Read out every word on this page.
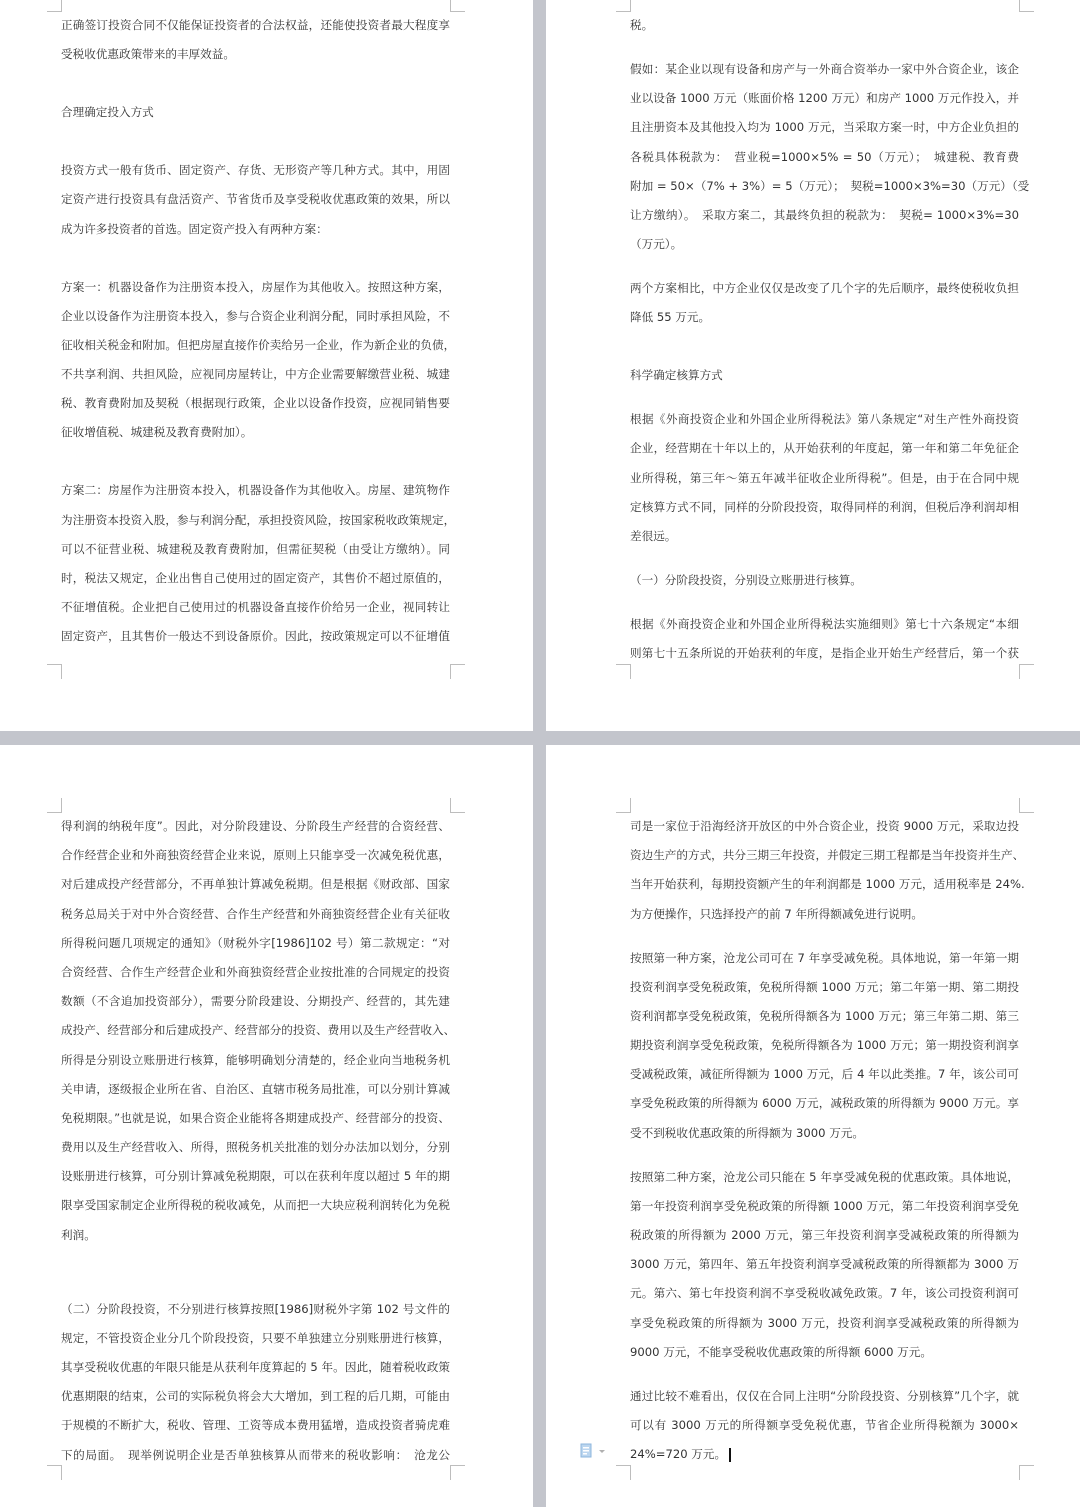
正确签订投资合同不仅能保证投资者的合法权益，还能使投资者最大程度享
受税收优惠政策带来的丰厚效益。
合理确定投入方式
投资方式一般有货币、固定资产、存货、无形资产等几种方式。其中，用固
定资产进行投资具有盘活资产、节省货币及享受税收优惠政策的效果，所以
成为许多投资者的首选。固定资产投入有两种方案：
方案一：机器设备作为注册资本投入，房屋作为其他收入。按照这种方案，
企业以设备作为注册资本投入，参与合资企业利润分配，同时承担风险，不
征收相关税金和附加。但把房屋直接作价卖给另一企业，作为新企业的负债，
不共享利润、共担风险，应视同房屋转让，中方企业需要解缴营业税、城建
税、教育费附加及契税（根据现行政策，企业以设备作投资，应视同销售要
征收增值税、城建税及教育费附加）。
方案二：房屋作为注册资本投入，机器设备作为其他收入。房屋、建筑物作
为注册资本投资入股，参与利润分配，承担投资风险，按国家税收政策规定，
可以不征营业税、城建税及教育费附加，但需征契税（由受让方缴纳）。同
时，税法又规定，企业出售自己使用过的固定资产，其售价不超过原值的，
不征增值税。企业把自己使用过的机器设备直接作价给另一企业，视同转让
固定资产，且其售价一般达不到设备原价。因此，按政策规定可以不征增值
税。
假如：某企业以现有设备和房产与一外商合资举办一家中外合资企业，该企
业以设备 1000 万元（账面价格 1200 万元）和房产 1000 万元作投入，并
且注册资本及其他投入均为 1000 万元，当采取方案一时，中方企业负担的
各税具体税款为：　营业税=1000×5% = 50（万元）；　城建税、教育费
附加 = 50×（7% + 3%）= 5（万元）；　契税=1000×3%=30（万元）（受
让方缴纳）。　采取方案二，其最终负担的税款为：　契税= 1000×3%=30
（万元）。
两个方案相比，中方企业仅仅是改变了几个字的先后顺序，最终使税收负担
降低 55 万元。
科学确定核算方式
根据《外商投资企业和外国企业所得税法》第八条规定“对生产性外商投资
企业，经营期在十年以上的，从开始获利的年度起，第一年和第二年免征企
业所得税，第三年～第五年减半征收企业所得税”。但是，由于在合同中规
定核算方式不同，同样的分阶段投资，取得同样的利润，但税后净利润却相
差很远。
（一）分阶段投资，分别设立账册进行核算。
根据《外商投资企业和外国企业所得税法实施细则》第七十六条规定“本细
则第七十五条所说的开始获利的年度，是指企业开始生产经营后，第一个获
得利润的纳税年度”。因此，对分阶段建设、分阶段生产经营的合资经营、
合作经营企业和外商独资经营企业来说，原则上只能享受一次减免税优惠，
对后建成投产经营部分，不再单独计算减免税期。但是根据《财政部、国家
税务总局关于对中外合资经营、合作生产经营和外商独资经营企业有关征收
所得税问题几项规定的通知》（财税外字[1986]102 号）第二款规定：“对
合资经营、合作生产经营企业和外商独资经营企业按批准的合同规定的投资
数额（不含追加投资部分），需要分阶段建设、分期投产、经营的，其先建
成投产、经营部分和后建成投产、经营部分的投资、费用以及生产经营收入、
所得是分别设立账册进行核算，能够明确划分清楚的，经企业向当地税务机
关申请，逐级报企业所在省、自治区、直辖市税务局批准，可以分别计算减
免税期限。”也就是说，如果合资企业能将各期建成投产、经营部分的投资、
费用以及生产经营收入、所得，照税务机关批准的划分办法加以划分，分别
设账册进行核算，可分别计算减免税期限，可以在获利年度以超过 5 年的期
限享受国家制定企业所得税的税收减免，从而把一大块应税利润转化为免税
利润。
（二）分阶段投资，不分别进行核算按照[1986]财税外字第 102 号文件的
规定，不管投资企业分几个阶段投资，只要不单独建立分别账册进行核算，
其享受税收优惠的年限只能是从获利年度算起的 5 年。因此，随着税收政策
优惠期限的结束，公司的实际税负将会大大增加，到工程的后几期，可能由
于规模的不断扩大，税收、管理、工资等成本费用猛增，造成投资者骑虎难
下的局面。　现举例说明企业是否单独核算从而带来的税收影响：　沧龙公
司是一家位于沿海经济开放区的中外合资企业，投资 9000 万元，采取边投
资边生产的方式，共分三期三年投资，并假定三期工程都是当年投资并生产、
当年开始获利，每期投资额产生的年利润都是 1000 万元，适用税率是 24%.
为方便操作，只选择投产的前 7 年所得额减免进行说明。
按照第一种方案，沧龙公司可在 7 年享受减免税。具体地说，第一年第一期
投资利润享受免税政策，免税所得额 1000 万元；第二年第一期、第二期投
资利润都享受免税政策，免税所得额各为 1000 万元；第三年第二期、第三
期投资利润享受免税政策，免税所得额各为 1000 万元；第一期投资利润享
受减税政策，减征所得额为 1000 万元，后 4 年以此类推。7 年，该公司可
享受免税政策的所得额为 6000 万元，减税政策的所得额为 9000 万元。享
受不到税收优惠政策的所得额为 3000 万元。
按照第二种方案，沧龙公司只能在 5 年享受减免税的优惠政策。具体地说，
第一年投资利润享受免税政策的所得额 1000 万元，第二年投资利润享受免
税政策的所得额为 2000 万元，第三年投资利润享受减税政策的所得额为
3000 万元，第四年、第五年投资利润享受减税政策的所得额都为 3000 万
元。第六、第七年投资利润不享受税收减免政策。7 年，该公司投资利润可
享受免税政策的所得额为 3000 万元，投资利润享受减税政策的所得额为
9000 万元，不能享受税收优惠政策的所得额 6000 万元。
通过比较不难看出，仅仅在合同上注明“分阶段投资、分别核算”几个字，就
可以有 3000 万元的所得额享受免税优惠，节省企业所得税额为 3000×
24%=720 万元。
